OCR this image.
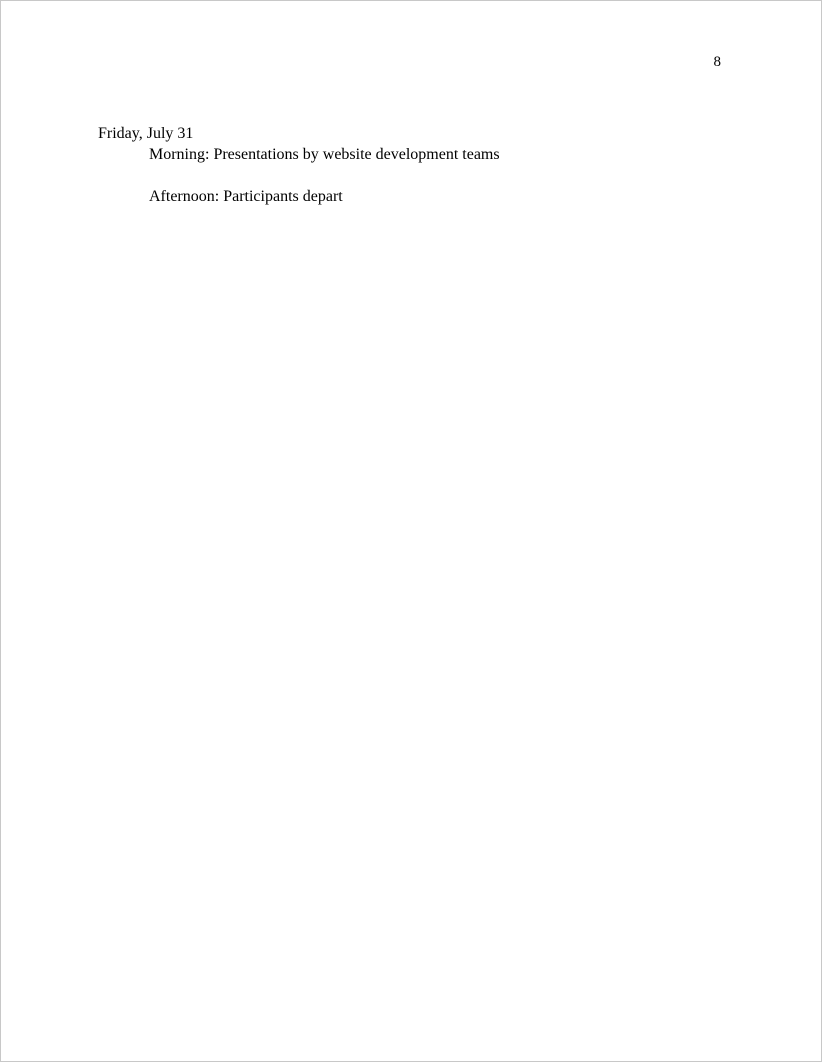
8
Friday, July 31
Morning: Presentations by website development teams
Afternoon: Participants depart
